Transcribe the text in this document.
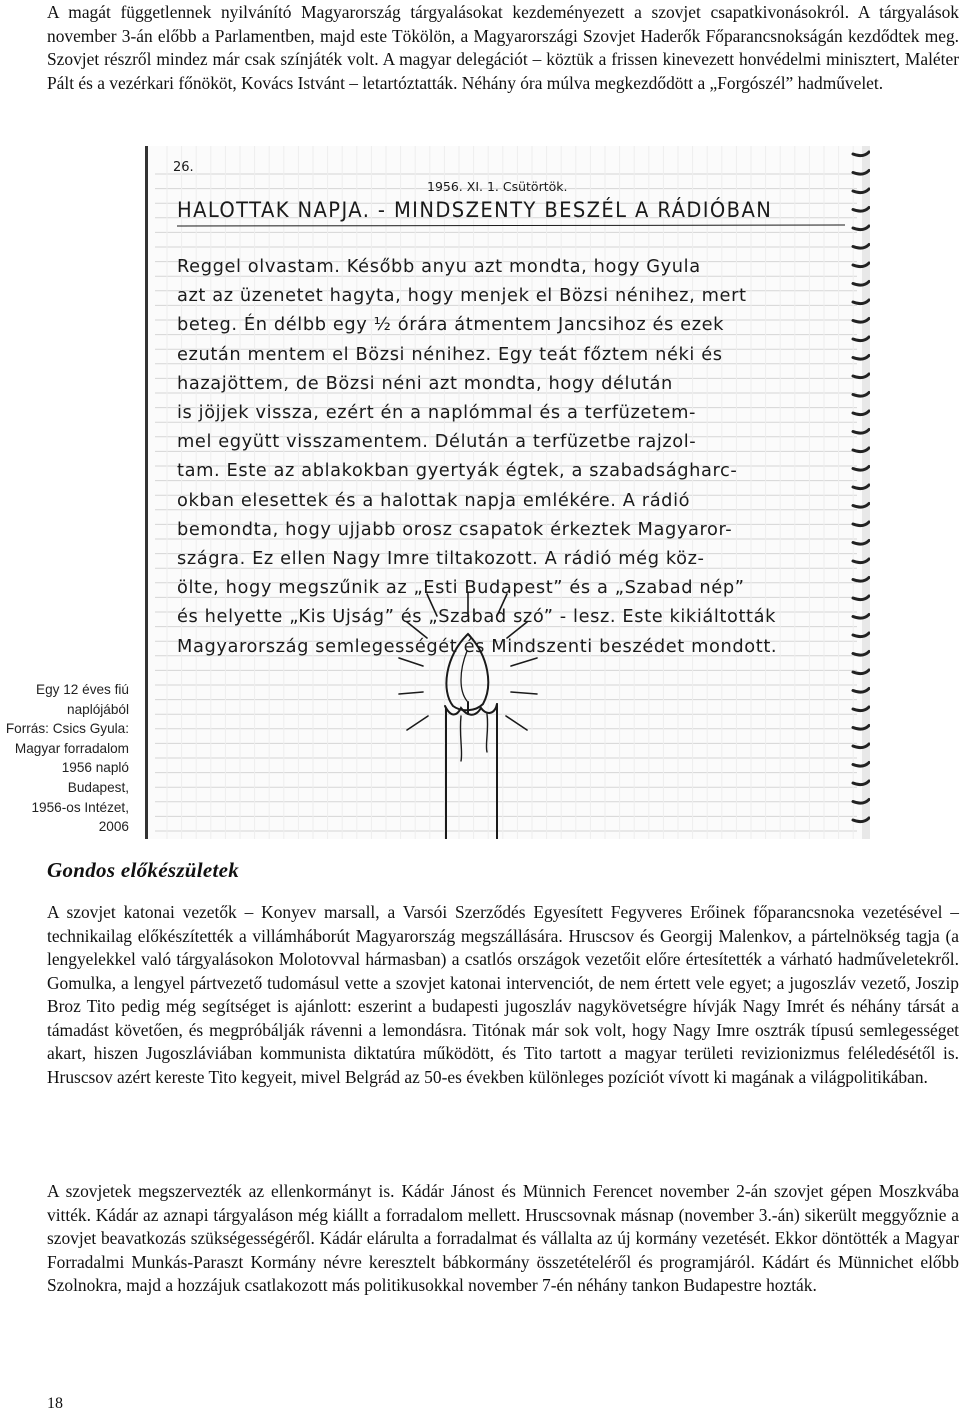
A magát függetlennek nyilvánító Magyarország tárgyalásokat kezdeményezett a szovjet csapatkivonásokról. A tárgyalások november 3-án előbb a Parlamentben, majd este Tökölön, a Magyarországi Szovjet Haderők Főparancsnokságán kezdődtek meg. Szovjet részről mindez már csak színjáték volt. A magyar delegációt – köztük a frissen kinevezett honvédelmi minisztert, Maléter Pált és a vezérkari főnököt, Kovács Istvánt – letartóztatták. Néhány óra múlva megkezdődött a „Forgószél” hadművelet.

26.
1956. XI. 1. Csütörtök.
HALOTTAK NAPJA. - MINDSZENTY BESZÉL A RÁDIÓBAN
Reggel olvastam. Később anyu azt mondta, hogy Gyula
azt az üzenetet hagyta, hogy menjek el Bözsi nénihez, mert
beteg. Én délbb egy ½ órára átmentem Jancsihoz és ezek
ezután mentem el Bözsi nénihez. Egy teát főztem néki és
hazajöttem, de Bözsi néni azt mondta, hogy délután
is jöjjek vissza, ezért én a naplómmal és a terfüzetem-
mel együtt visszamentem. Délután a terfüzetbe rajzol-
tam. Este az ablakokban gyertyák égtek, a szabadságharc-
okban elesettek és a halottak napja emlékére. A rádió
bemondta, hogy ujjabb orosz csapatok érkeztek Magyaror-
szágra. Ez ellen Nagy Imre tiltakozott. A rádió még köz-
ölte, hogy megszűnik az „Esti Budapest” és a „Szabad nép”
és helyette „Kis Ujság” és „Szabad szó” - lesz. Este kikiáltották
Magyarország semlegességét és Mindszenti beszédet mondott.
Egy 12 éves fiú
naplójából
Forrás: Csics Gyula:
Magyar forradalom
1956 napló
Budapest,
1956-os Intézet,
2006
Gondos előkészületek

A szovjet katonai vezetők – Konyev marsall, a Varsói Szerződés Egyesített Fegyveres Erőinek főparancsnoka vezetésével – technikailag előkészítették a villámháborút Magyarország megszállására. Hruscsov és Georgij Malenkov, a pártelnökség tagja (a lengyelekkel való tárgyalásokon Molotovval hármasban) a csatlós országok vezetőit előre értesítették a várható hadműveletekről. Gomulka, a lengyel pártvezető tudomásul vette a szovjet katonai intervenciót, de nem értett vele egyet; a jugoszláv vezető, Joszip Broz Tito pedig még segítséget is ajánlott: eszerint a budapesti jugoszláv nagykövetségre hívják Nagy Imrét és néhány társát a támadást követően, és megpróbálják rávenni a lemondásra. Titónak már sok volt, hogy Nagy Imre osztrák típusú semlegességet akart, hiszen Jugoszláviában kommunista diktatúra működött, és Tito tartott a magyar területi revizionizmus feléledésétől is. Hruscsov azért kereste Tito kegyeit, mivel Belgrád az 50-es években különleges pozíciót vívott ki magának a világpolitikában.

A szovjetek megszervezték az ellenkormányt is. Kádár Jánost és Münnich Ferencet november 2-án szovjet gépen Moszkvába vitték. Kádár az aznapi tárgyaláson még kiállt a forradalom mellett. Hruscsovnak másnap (november 3.-án) sikerült meggyőznie a szovjet beavatkozás szükségességéről. Kádár elárulta a forradalmat és vállalta az új kormány vezetését. Ekkor döntötték a Magyar Forradalmi Munkás-Paraszt Kormány névre keresztelt bábkormány összetételéről és programjáról. Kádárt és Münnichet előbb Szolnokra, majd a hozzájuk csatlakozott más politikusokkal november 7-én néhány tankon Budapestre hozták.

18
